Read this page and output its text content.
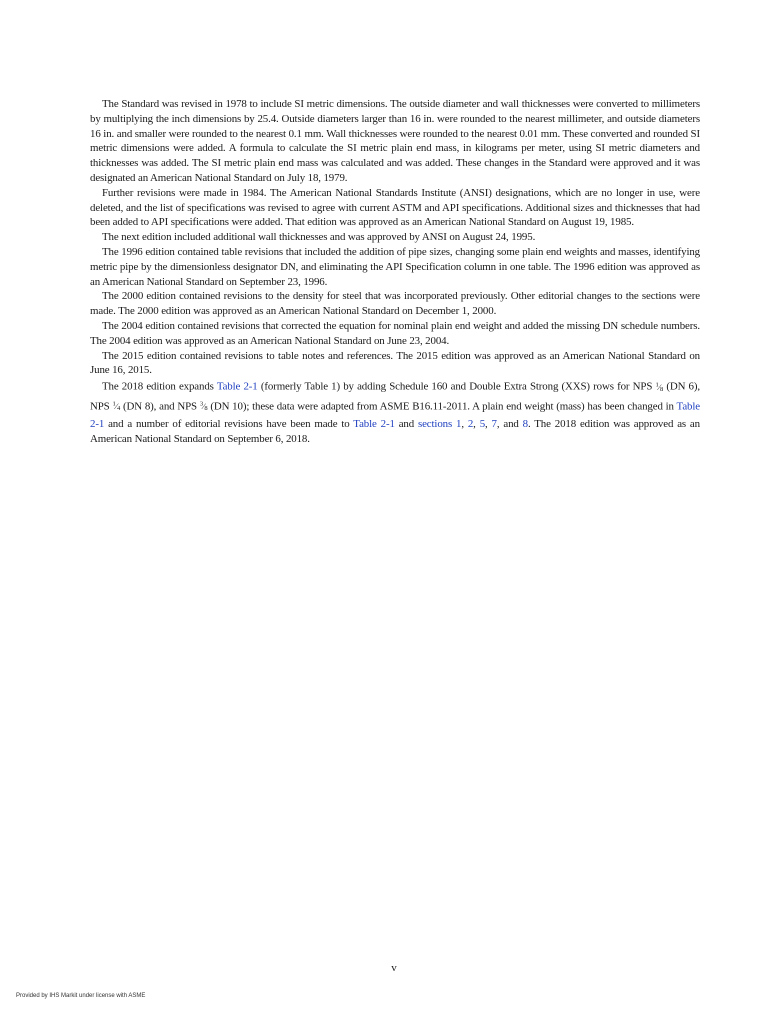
The Standard was revised in 1978 to include SI metric dimensions. The outside diameter and wall thicknesses were converted to millimeters by multiplying the inch dimensions by 25.4. Outside diameters larger than 16 in. were rounded to the nearest millimeter, and outside diameters 16 in. and smaller were rounded to the nearest 0.1 mm. Wall thicknesses were rounded to the nearest 0.01 mm. These converted and rounded SI metric dimensions were added. A formula to calculate the SI metric plain end mass, in kilograms per meter, using SI metric diameters and thicknesses was added. The SI metric plain end mass was calculated and was added. These changes in the Standard were approved and it was designated an American National Standard on July 18, 1979.

Further revisions were made in 1984. The American National Standards Institute (ANSI) designations, which are no longer in use, were deleted, and the list of specifications was revised to agree with current ASTM and API specifications. Additional sizes and thicknesses that had been added to API specifications were added. That edition was approved as an American National Standard on August 19, 1985.

The next edition included additional wall thicknesses and was approved by ANSI on August 24, 1995.

The 1996 edition contained table revisions that included the addition of pipe sizes, changing some plain end weights and masses, identifying metric pipe by the dimensionless designator DN, and eliminating the API Specification column in one table. The 1996 edition was approved as an American National Standard on September 23, 1996.

The 2000 edition contained revisions to the density for steel that was incorporated previously. Other editorial changes to the sections were made. The 2000 edition was approved as an American National Standard on December 1, 2000.

The 2004 edition contained revisions that corrected the equation for nominal plain end weight and added the missing DN schedule numbers. The 2004 edition was approved as an American National Standard on June 23, 2004.

The 2015 edition contained revisions to table notes and references. The 2015 edition was approved as an American National Standard on June 16, 2015.

The 2018 edition expands Table 2-1 (formerly Table 1) by adding Schedule 160 and Double Extra Strong (XXS) rows for NPS $^1⁄_8$ (DN 6), NPS $^1⁄_4$ (DN 8), and NPS $^3⁄_8$ (DN 10); these data were adapted from ASME B16.11-2011. A plain end weight (mass) has been changed in Table 2-1 and a number of editorial revisions have been made to Table 2-1 and sections 1, 2, 5, 7, and 8. The 2018 edition was approved as an American National Standard on September 6, 2018.

v
Provided by IHS Markit under license with ASME
